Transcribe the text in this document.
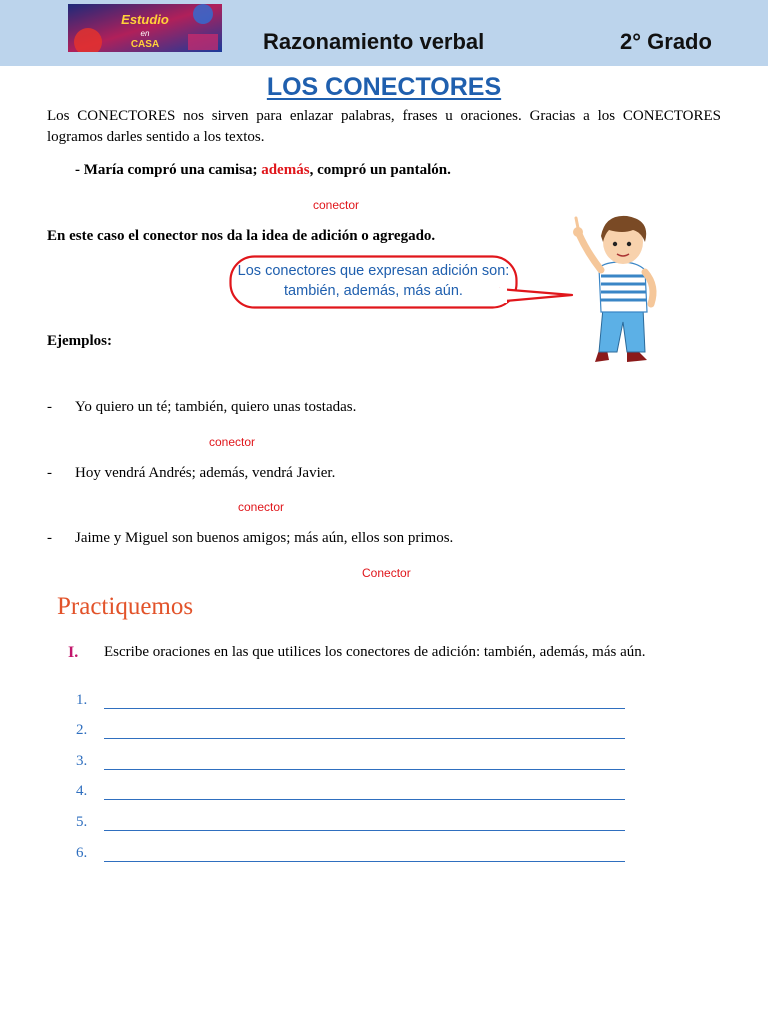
Estudio
en
CASA	Razonamiento verbal	2° Grado
LOS CONECTORES
Los CONECTORES nos sirven para enlazar palabras, frases u oraciones. Gracias a los CONECTORES logramos darles sentido a los textos.
- María compró una camisa; además, compró un pantalón.
conector
En este caso el conector nos da la idea de adición o agregado.
Los conectores que expresan adición son: también, además, más aún.
Ejemplos:
- Yo quiero un té; también, quiero unas tostadas.
conector
- Hoy vendrá Andrés; además, vendrá Javier.
conector
- Jaime y Miguel son buenos amigos; más aún, ellos son primos.
Conector
Practiquemos
I. Escribe oraciones en las que utilices los conectores de adición: también, además, más aún.
1.
2.
3.
4.
5.
6.
